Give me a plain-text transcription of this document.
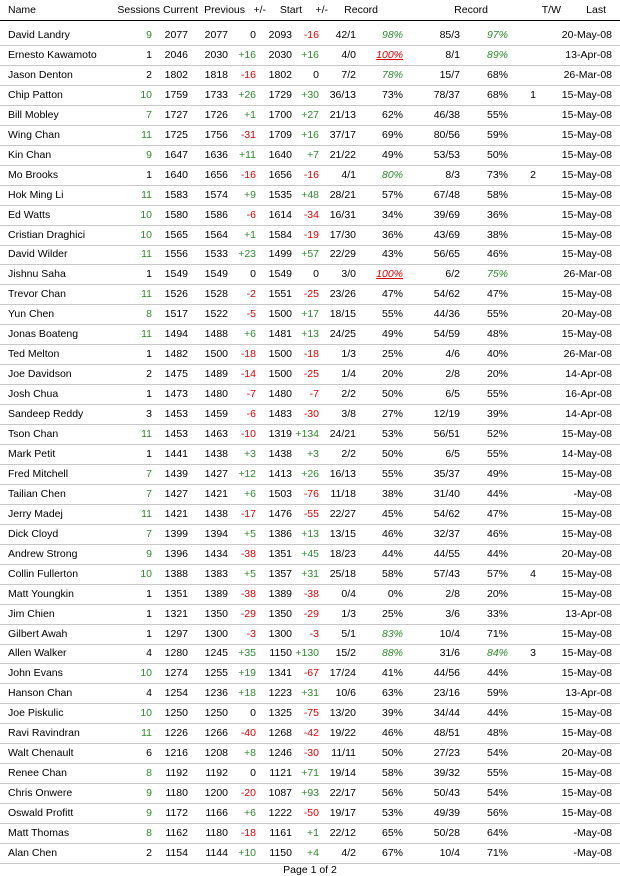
Name	Sessions Current Previous +/- Start +/- Record	Record	T/W Last
David Landry	9 2077 2077 0 2093 -16 42/1 98%	85/3	97%	20-May-08
Ernesto Kawamoto	1 2046 2030 +16 2030 +16 4/0 100%	8/1	89%	13-Apr-08
Jason Denton	2 1802 1818 -16 1802 0 7/2 78%	15/7	68%	26-Mar-08
Chip Patton	10 1759 1733 +26 1729 +30 36/13 73%	78/37	68% 1 15-May-08
Bill Mobley	7 1727 1726 +1 1700 +27 21/13 62%	46/38	55%	15-May-08
Wing Chan	11 1725 1756 -31 1709 +16 37/17 69%	80/56	59%	15-May-08
Kin Chan	9 1647 1636 +11 1640 +7 21/22 49%	53/53	50%	15-May-08
Mo Brooks	1 1640 1656 -16 1656 -16 4/1 80%	8/3	73% 2 15-May-08
Hok Ming Li	11 1583 1574 +9 1535 +48 28/21 57%	67/48	58%	15-May-08
Ed Watts	10 1580 1586 -6 1614 -34 16/31 34%	39/69	36%	15-May-08
Cristian Draghici	10 1565 1564 +1 1584 -19 17/30 36%	43/69	38%	15-May-08
David Wilder	11 1556 1533 +23 1499 +57 22/29 43%	56/65	46%	15-May-08
Jishnu Saha	1 1549 1549 0 1549 0 3/0 100%	6/2	75%	26-Mar-08
Trevor Chan	11 1526 1528 -2 1551 -25 23/26 47%	54/62	47%	15-May-08
Yun Chen	8 1517 1522 -5 1500 +17 18/15 55%	44/36	55%	20-May-08
Jonas Boateng	11 1494 1488 +6 1481 +13 24/25 49%	54/59	48%	15-May-08
Ted Melton	1 1482 1500 -18 1500 -18 1/3 25%	4/6	40%	26-Mar-08
Joe Davidson	2 1475 1489 -14 1500 -25 1/4 20%	2/8	20%	14-Apr-08
Josh Chua	1 1473 1480 -7 1480 -7 2/2 50%	6/5	55%	16-Apr-08
Sandeep Reddy	3 1453 1459 -6 1483 -30 3/8 27%	12/19	39%	14-Apr-08
Tson Chan	11 1453 1463 -10 1319 +134 24/21 53%	56/51	52%	15-May-08
Mark Petit	1 1441 1438 +3 1438 +3 2/2 50%	6/5	55%	14-May-08
Fred Mitchell	7 1439 1427 +12 1413 +26 16/13 55%	35/37	49%	15-May-08
Tailian Chen	7 1427 1421 +6 1503 -76 11/18 38%	31/40	44%	-May-08
Jerry Madej	11 1421 1438 -17 1476 -55 22/27 45%	54/62	47%	15-May-08
Dick Cloyd	7 1399 1394 +5 1386 +13 13/15 46%	32/37	46%	15-May-08
Andrew Strong	9 1396 1434 -38 1351 +45 18/23 44%	44/55	44%	20-May-08
Collin Fullerton	10 1388 1383 +5 1357 +31 25/18 58%	57/43	57% 4 15-May-08
Matt Youngkin	1 1351 1389 -38 1389 -38 0/4	0%	2/8	20%	15-May-08
Jim Chien	1 1321 1350 -29 1350 -29 1/3 25%	3/6	33%	13-Apr-08
Gilbert Awah	1 1297 1300 -3 1300 -3 5/1 83%	10/4	71%	15-May-08
Allen Walker	4 1280 1245 +35 1150 +130 15/2 88%	31/6	84% 3 15-May-08
John Evans	10 1274 1255 +19 1341 -67 17/24 41%	44/56	44%	15-May-08
Hanson Chan	4 1254 1236 +18 1223 +31 10/6 63%	23/16	59%	13-Apr-08
Joe Piskulic	10 1250 1250 0 1325 -75 13/20 39%	34/44	44%	15-May-08
Ravi Ravindran	11 1226 1266 -40 1268 -42 19/22 46%	48/51	48%	15-May-08
Walt Chenault	6 1216 1208 +8 1246 -30 11/11 50%	27/23	54%	20-May-08
Renee Chan	8 1192 1192 0 1121 +71 19/14 58%	39/32	55%	15-May-08
Chris Onwere	9 1180 1200 -20 1087 +93 22/17 56%	50/43	54%	15-May-08
Oswald Profitt	9 1172 1166 +6 1222 -50 19/17 53%	49/39	56%	15-May-08
Matt Thomas	8 1162 1180 -18 1161 +1 22/12 65%	50/28	64%	-May-08
Alan Chen	2 1154 1144 +10 1150 +4 4/2 67%	10/4	71%	-May-08
Page 1 of 2
